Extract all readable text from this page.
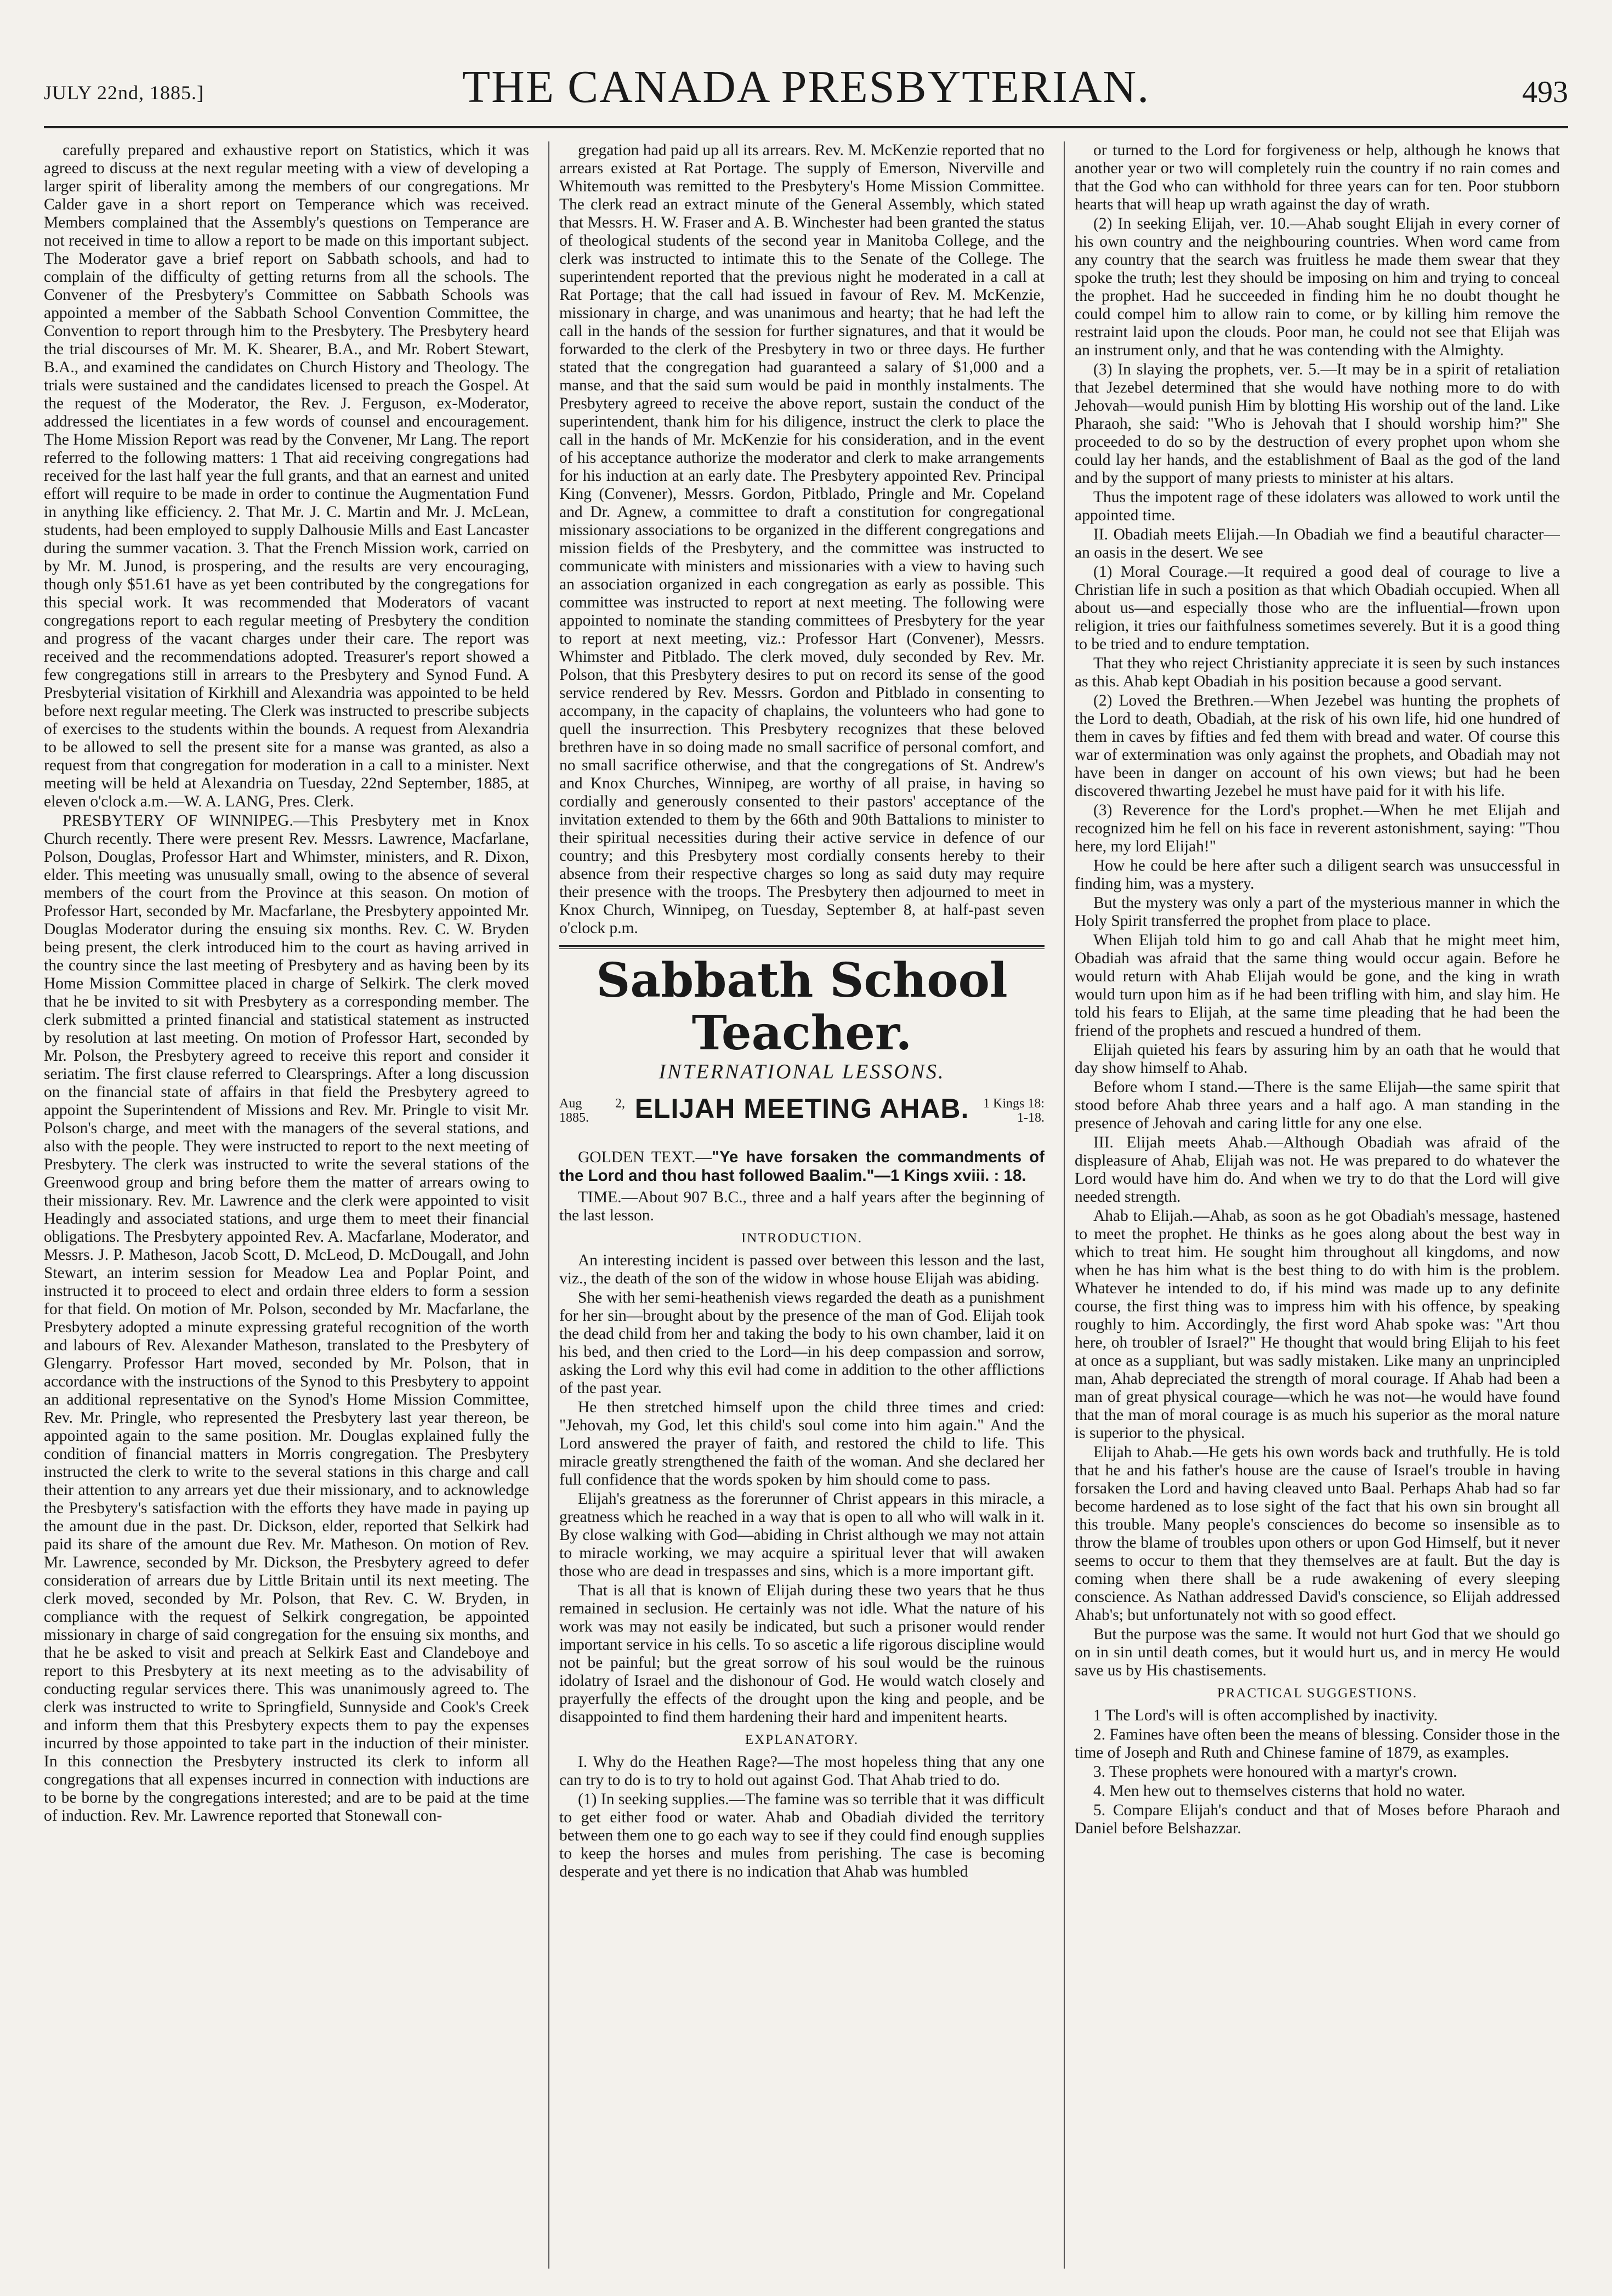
JULY 22nd, 1885.]	THE CANADA PRESBYTERIAN.	493

carefully prepared and exhaustive report on Statistics, which it was agreed to discuss at the next regular meeting with a view of developing a larger spirit of liberality among the members of our congregations. Mr Calder gave in a short report on Temperance which was received. Members complained that the Assembly's questions on Temperance are not received in time to allow a report to be made on this important subject. The Moderator gave a brief report on Sabbath schools, and had to complain of the difficulty of getting returns from all the schools. The Convener of the Presbytery's Committee on Sabbath Schools was appointed a member of the Sabbath School Convention Committee, the Convention to report through him to the Presbytery. The Presbytery heard the trial discourses of Mr. M. K. Shearer, B.A., and Mr. Robert Stewart, B.A., and examined the candidates on Church History and Theology. The trials were sustained and the candidates licensed to preach the Gospel. At the request of the Moderator, the Rev. J. Ferguson, ex-Moderator, addressed the licentiates in a few words of counsel and encouragement. The Home Mission Report was read by the Convener, Mr Lang. The report referred to the following matters: 1 That aid receiving congregations had received for the last half year the full grants, and that an earnest and united effort will require to be made in order to continue the Augmentation Fund in anything like efficiency. 2. That Mr. J. C. Martin and Mr. J. McLean, students, had been employed to supply Dalhousie Mills and East Lancaster during the summer vacation. 3. That the French Mission work, carried on by Mr. M. Junod, is prospering, and the results are very encouraging, though only $51.61 have as yet been contributed by the congregations for this special work. It was recommended that Moderators of vacant congregations report to each regular meeting of Presbytery the condition and progress of the vacant charges under their care. The report was received and the recommendations adopted. Treasurer's report showed a few congregations still in arrears to the Presbytery and Synod Fund. A Presbyterial visitation of Kirkhill and Alexandria was appointed to be held before next regular meeting. The Clerk was instructed to prescribe subjects of exercises to the students within the bounds. A request from Alexandria to be allowed to sell the present site for a manse was granted, as also a request from that congregation for moderation in a call to a minister. Next meeting will be held at Alexandria on Tuesday, 22nd September, 1885, at eleven o'clock a.m.—W. A. LANG, Pres. Clerk.

PRESBYTERY OF WINNIPEG.—This Presbytery met in Knox Church recently. There were present Rev. Messrs. Lawrence, Macfarlane, Polson, Douglas, Professor Hart and Whimster, ministers, and R. Dixon, elder. This meeting was unusually small, owing to the absence of several members of the court from the Province at this season. On motion of Professor Hart, seconded by Mr. Macfarlane, the Presbytery appointed Mr. Douglas Moderator during the ensuing six months. Rev. C. W. Bryden being present, the clerk introduced him to the court as having arrived in the country since the last meeting of Presbytery and as having been by its Home Mission Committee placed in charge of Selkirk. The clerk moved that he be invited to sit with Presbytery as a corresponding member. The clerk submitted a printed financial and statistical statement as instructed by resolution at last meeting. On motion of Professor Hart, seconded by Mr. Polson, the Presbytery agreed to receive this report and consider it seriatim. The first clause referred to Clearsprings. After a long discussion on the financial state of affairs in that field the Presbytery agreed to appoint the Superintendent of Missions and Rev. Mr. Pringle to visit Mr. Polson's charge, and meet with the managers of the several stations, and also with the people. They were instructed to report to the next meeting of Presbytery. The clerk was instructed to write the several stations of the Greenwood group and bring before them the matter of arrears owing to their missionary. Rev. Mr. Lawrence and the clerk were appointed to visit Headingly and associated stations, and urge them to meet their financial obligations. The Presbytery appointed Rev. A. Macfarlane, Moderator, and Messrs. J. P. Matheson, Jacob Scott, D. McLeod, D. McDougall, and John Stewart, an interim session for Meadow Lea and Poplar Point, and instructed it to proceed to elect and ordain three elders to form a session for that field. On motion of Mr. Polson, seconded by Mr. Macfarlane, the Presbytery adopted a minute expressing grateful recognition of the worth and labours of Rev. Alexander Matheson, translated to the Presbytery of Glengarry. Professor Hart moved, seconded by Mr. Polson, that in accordance with the instructions of the Synod to this Presbytery to appoint an additional representative on the Synod's Home Mission Committee, Rev. Mr. Pringle, who represented the Presbytery last year thereon, be appointed again to the same position. Mr. Douglas explained fully the condition of financial matters in Morris congregation. The Presbytery instructed the clerk to write to the several stations in this charge and call their attention to any arrears yet due their missionary, and to acknowledge the Presbytery's satisfaction with the efforts they have made in paying up the amount due in the past. Dr. Dickson, elder, reported that Selkirk had paid its share of the amount due Rev. Mr. Matheson. On motion of Rev. Mr. Lawrence, seconded by Mr. Dickson, the Presbytery agreed to defer consideration of arrears due by Little Britain until its next meeting. The clerk moved, seconded by Mr. Polson, that Rev. C. W. Bryden, in compliance with the request of Selkirk congregation, be appointed missionary in charge of said congregation for the ensuing six months, and that he be asked to visit and preach at Selkirk East and Clandeboye and report to this Presbytery at its next meeting as to the advisability of conducting regular services there. This was unanimously agreed to. The clerk was instructed to write to Springfield, Sunnyside and Cook's Creek and inform them that this Presbytery expects them to pay the expenses incurred by those appointed to take part in the induction of their minister. In this connection the Presbytery instructed its clerk to inform all congregations that all expenses incurred in connection with inductions are to be borne by the congregations interested; and are to be paid at the time of induction. Rev. Mr. Lawrence reported that Stonewall con-

gregation had paid up all its arrears. Rev. M. McKenzie reported that no arrears existed at Rat Portage. The supply of Emerson, Niverville and Whitemouth was remitted to the Presbytery's Home Mission Committee. The clerk read an extract minute of the General Assembly, which stated that Messrs. H. W. Fraser and A. B. Winchester had been granted the status of theological students of the second year in Manitoba College, and the clerk was instructed to intimate this to the Senate of the College. The superintendent reported that the previous night he moderated in a call at Rat Portage; that the call had issued in favour of Rev. M. McKenzie, missionary in charge, and was unanimous and hearty; that he had left the call in the hands of the session for further signatures, and that it would be forwarded to the clerk of the Presbytery in two or three days. He further stated that the congregation had guaranteed a salary of $1,000 and a manse, and that the said sum would be paid in monthly instalments. The Presbytery agreed to receive the above report, sustain the conduct of the superintendent, thank him for his diligence, instruct the clerk to place the call in the hands of Mr. McKenzie for his consideration, and in the event of his acceptance authorize the moderator and clerk to make arrangements for his induction at an early date. The Presbytery appointed Rev. Principal King (Convener), Messrs. Gordon, Pitblado, Pringle and Mr. Copeland and Dr. Agnew, a committee to draft a constitution for congregational missionary associations to be organized in the different congregations and mission fields of the Presbytery, and the committee was instructed to communicate with ministers and missionaries with a view to having such an association organized in each congregation as early as possible. This committee was instructed to report at next meeting. The following were appointed to nominate the standing committees of Presbytery for the year to report at next meeting, viz.: Professor Hart (Convener), Messrs. Whimster and Pitblado. The clerk moved, duly seconded by Rev. Mr. Polson, that this Presbytery desires to put on record its sense of the good service rendered by Rev. Messrs. Gordon and Pitblado in consenting to accompany, in the capacity of chaplains, the volunteers who had gone to quell the insurrection. This Presbytery recognizes that these beloved brethren have in so doing made no small sacrifice of personal comfort, and no small sacrifice otherwise, and that the congregations of St. Andrew's and Knox Churches, Winnipeg, are worthy of all praise, in having so cordially and generously consented to their pastors' acceptance of the invitation extended to them by the 66th and 90th Battalions to minister to their spiritual necessities during their active service in defence of our country; and this Presbytery most cordially consents hereby to their absence from their respective charges so long as said duty may require their presence with the troops. The Presbytery then adjourned to meet in Knox Church, Winnipeg, on Tuesday, September 8, at half-past seven o'clock p.m.

Sabbath School Teacher.
INTERNATIONAL LESSONS.
Aug 2, 1885.	ELIJAH MEETING AHAB.	1 Kings 18: 1-18.

GOLDEN TEXT.—"Ye have forsaken the commandments of the Lord and thou hast followed Baalim."—1 Kings xviii. : 18.

TIME.—About 907 B.C., three and a half years after the beginning of the last lesson.

INTRODUCTION.

An interesting incident is passed over between this lesson and the last, viz., the death of the son of the widow in whose house Elijah was abiding.

She with her semi-heathenish views regarded the death as a punishment for her sin—brought about by the presence of the man of God. Elijah took the dead child from her and taking the body to his own chamber, laid it on his bed, and then cried to the Lord—in his deep compassion and sorrow, asking the Lord why this evil had come in addition to the other afflictions of the past year.

He then stretched himself upon the child three times and cried: "Jehovah, my God, let this child's soul come into him again." And the Lord answered the prayer of faith, and restored the child to life. This miracle greatly strengthened the faith of the woman. And she declared her full confidence that the words spoken by him should come to pass.

Elijah's greatness as the forerunner of Christ appears in this miracle, a greatness which he reached in a way that is open to all who will walk in it. By close walking with God—abiding in Christ although we may not attain to miracle working, we may acquire a spiritual lever that will awaken those who are dead in trespasses and sins, which is a more important gift.

That is all that is known of Elijah during these two years that he thus remained in seclusion. He certainly was not idle. What the nature of his work was may not easily be indicated, but such a prisoner would render important service in his cells. To so ascetic a life rigorous discipline would not be painful; but the great sorrow of his soul would be the ruinous idolatry of Israel and the dishonour of God. He would watch closely and prayerfully the effects of the drought upon the king and people, and be disappointed to find them hardening their hard and impenitent hearts.

EXPLANATORY.

I. Why do the Heathen Rage?—The most hopeless thing that any one can try to do is to try to hold out against God. That Ahab tried to do.

(1) In seeking supplies.—The famine was so terrible that it was difficult to get either food or water. Ahab and Obadiah divided the territory between them one to go each way to see if they could find enough supplies to keep the horses and mules from perishing. The case is becoming desperate and yet there is no indication that Ahab was humbled

or turned to the Lord for forgiveness or help, although he knows that another year or two will completely ruin the country if no rain comes and that the God who can withhold for three years can for ten. Poor stubborn hearts that will heap up wrath against the day of wrath.

(2) In seeking Elijah, ver. 10.—Ahab sought Elijah in every corner of his own country and the neighbouring countries. When word came from any country that the search was fruitless he made them swear that they spoke the truth; lest they should be imposing on him and trying to conceal the prophet. Had he succeeded in finding him he no doubt thought he could compel him to allow rain to come, or by killing him remove the restraint laid upon the clouds. Poor man, he could not see that Elijah was an instrument only, and that he was contending with the Almighty.

(3) In slaying the prophets, ver. 5.—It may be in a spirit of retaliation that Jezebel determined that she would have nothing more to do with Jehovah—would punish Him by blotting His worship out of the land. Like Pharaoh, she said: "Who is Jehovah that I should worship him?" She proceeded to do so by the destruction of every prophet upon whom she could lay her hands, and the establishment of Baal as the god of the land and by the support of many priests to minister at his altars.

Thus the impotent rage of these idolaters was allowed to work until the appointed time.

II. Obadiah meets Elijah.—In Obadiah we find a beautiful character—an oasis in the desert. We see

(1) Moral Courage.—It required a good deal of courage to live a Christian life in such a position as that which Obadiah occupied. When all about us—and especially those who are the influential—frown upon religion, it tries our faithfulness sometimes severely. But it is a good thing to be tried and to endure temptation.

That they who reject Christianity appreciate it is seen by such instances as this. Ahab kept Obadiah in his position because a good servant.

(2) Loved the Brethren.—When Jezebel was hunting the prophets of the Lord to death, Obadiah, at the risk of his own life, hid one hundred of them in caves by fifties and fed them with bread and water. Of course this war of extermination was only against the prophets, and Obadiah may not have been in danger on account of his own views; but had he been discovered thwarting Jezebel he must have paid for it with his life.

(3) Reverence for the Lord's prophet.—When he met Elijah and recognized him he fell on his face in reverent astonishment, saying: "Thou here, my lord Elijah!"

How he could be here after such a diligent search was unsuccessful in finding him, was a mystery.

But the mystery was only a part of the mysterious manner in which the Holy Spirit transferred the prophet from place to place.

When Elijah told him to go and call Ahab that he might meet him, Obadiah was afraid that the same thing would occur again. Before he would return with Ahab Elijah would be gone, and the king in wrath would turn upon him as if he had been trifling with him, and slay him. He told his fears to Elijah, at the same time pleading that he had been the friend of the prophets and rescued a hundred of them.

Elijah quieted his fears by assuring him by an oath that he would that day show himself to Ahab.

Before whom I stand.—There is the same Elijah—the same spirit that stood before Ahab three years and a half ago. A man standing in the presence of Jehovah and caring little for any one else.

III. Elijah meets Ahab.—Although Obadiah was afraid of the displeasure of Ahab, Elijah was not. He was prepared to do whatever the Lord would have him do. And when we try to do that the Lord will give needed strength.

Ahab to Elijah.—Ahab, as soon as he got Obadiah's message, hastened to meet the prophet. He thinks as he goes along about the best way in which to treat him. He sought him throughout all kingdoms, and now when he has him what is the best thing to do with him is the problem. Whatever he intended to do, if his mind was made up to any definite course, the first thing was to impress him with his offence, by speaking roughly to him. Accordingly, the first word Ahab spoke was: "Art thou here, oh troubler of Israel?" He thought that would bring Elijah to his feet at once as a suppliant, but was sadly mistaken. Like many an unprincipled man, Ahab depreciated the strength of moral courage. If Ahab had been a man of great physical courage—which he was not—he would have found that the man of moral courage is as much his superior as the moral nature is superior to the physical.

Elijah to Ahab.—He gets his own words back and truthfully. He is told that he and his father's house are the cause of Israel's trouble in having forsaken the Lord and having cleaved unto Baal. Perhaps Ahab had so far become hardened as to lose sight of the fact that his own sin brought all this trouble. Many people's consciences do become so insensible as to throw the blame of troubles upon others or upon God Himself, but it never seems to occur to them that they themselves are at fault. But the day is coming when there shall be a rude awakening of every sleeping conscience. As Nathan addressed David's conscience, so Elijah addressed Ahab's; but unfortunately not with so good effect.

But the purpose was the same. It would not hurt God that we should go on in sin until death comes, but it would hurt us, and in mercy He would save us by His chastisements.

PRACTICAL SUGGESTIONS.

1 The Lord's will is often accomplished by inactivity.

2. Famines have often been the means of blessing. Consider those in the time of Joseph and Ruth and Chinese famine of 1879, as examples.

3. These prophets were honoured with a martyr's crown.

4. Men hew out to themselves cisterns that hold no water.

5. Compare Elijah's conduct and that of Moses before Pharaoh and Daniel before Belshazzar.
